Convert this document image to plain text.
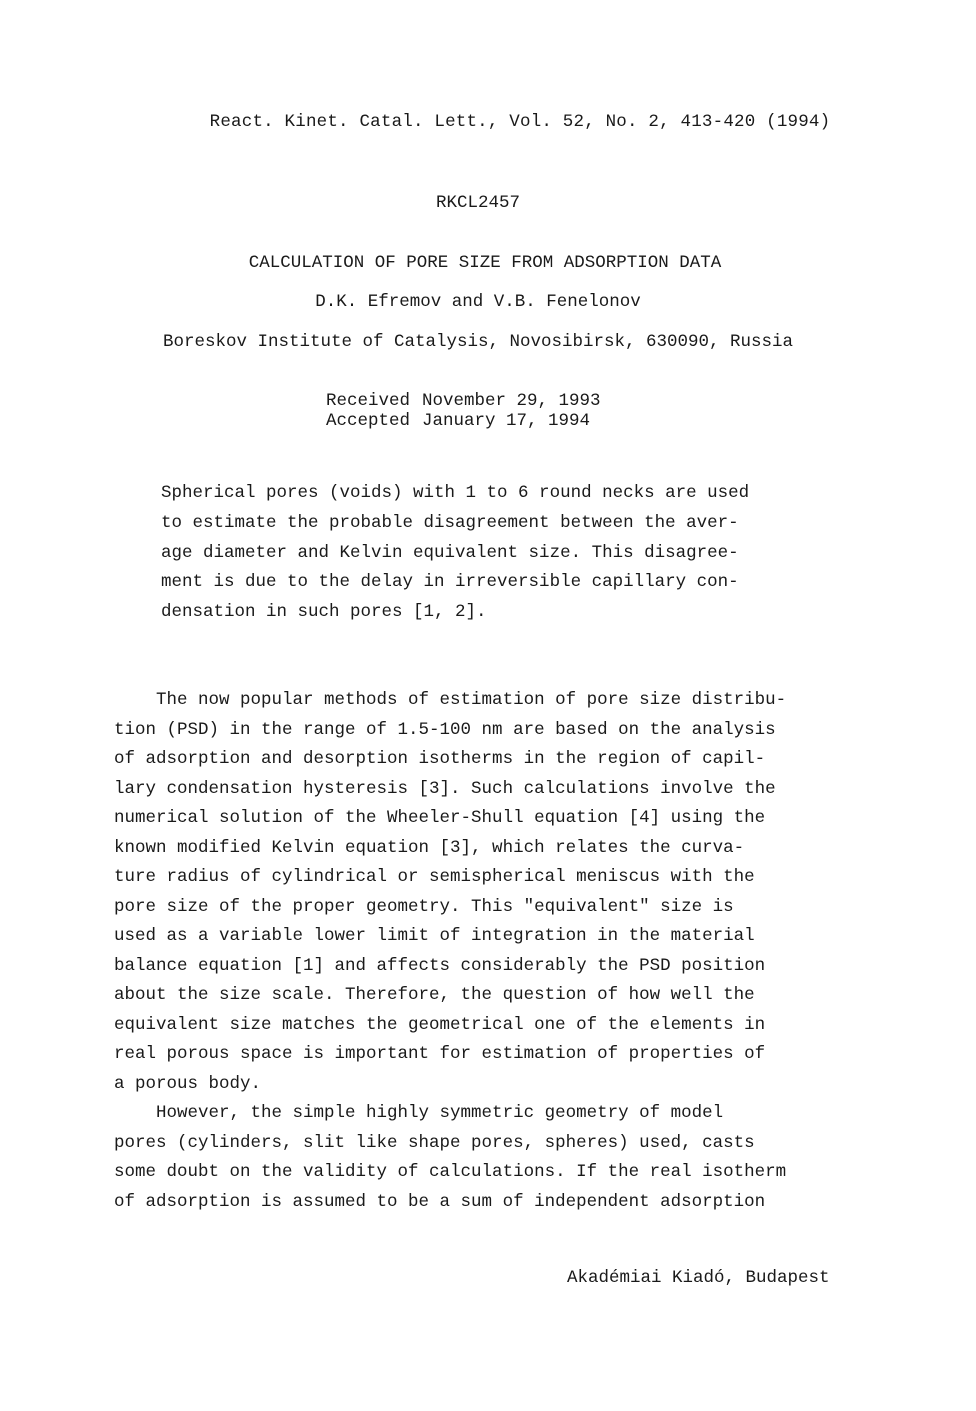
React. Kinet. Catal. Lett., Vol. 52, No. 2, 413-420 (1994)
RKCL2457
CALCULATION OF PORE SIZE FROM ADSORPTION DATA
D.K. Efremov and V.B. Fenelonov
Boreskov Institute of Catalysis, Novosibirsk, 630090, Russia
Received	November 29, 1993
Accepted	January 17, 1994
Spherical pores (voids) with 1 to 6 round necks are used
to estimate the probable disagreement between the aver-
age diameter and Kelvin equivalent size. This disagree-
ment is due to the delay in irreversible capillary con-
densation in such pores [1, 2].
The now popular methods of estimation of pore size distribu-
tion (PSD) in the range of 1.5-100 nm are based on the analysis
of adsorption and desorption isotherms in the region of capil-
lary condensation hysteresis [3]. Such calculations involve the
numerical solution of the Wheeler-Shull equation [4] using the
known modified Kelvin equation [3], which relates the curva-
ture radius of cylindrical or semispherical meniscus with the
pore size of the proper geometry. This "equivalent" size is
used as a variable lower limit of integration in the material
balance equation [1] and affects considerably the PSD position
about the size scale. Therefore, the question of how well the
equivalent size matches the geometrical one of the elements in
real porous space is important for estimation of properties of
a porous body.
However, the simple highly symmetric geometry of model
pores (cylinders, slit like shape pores, spheres) used, casts
some doubt on the validity of calculations. If the real isotherm
of adsorption is assumed to be a sum of independent adsorption
Akadémiai Kiadó, Budapest
